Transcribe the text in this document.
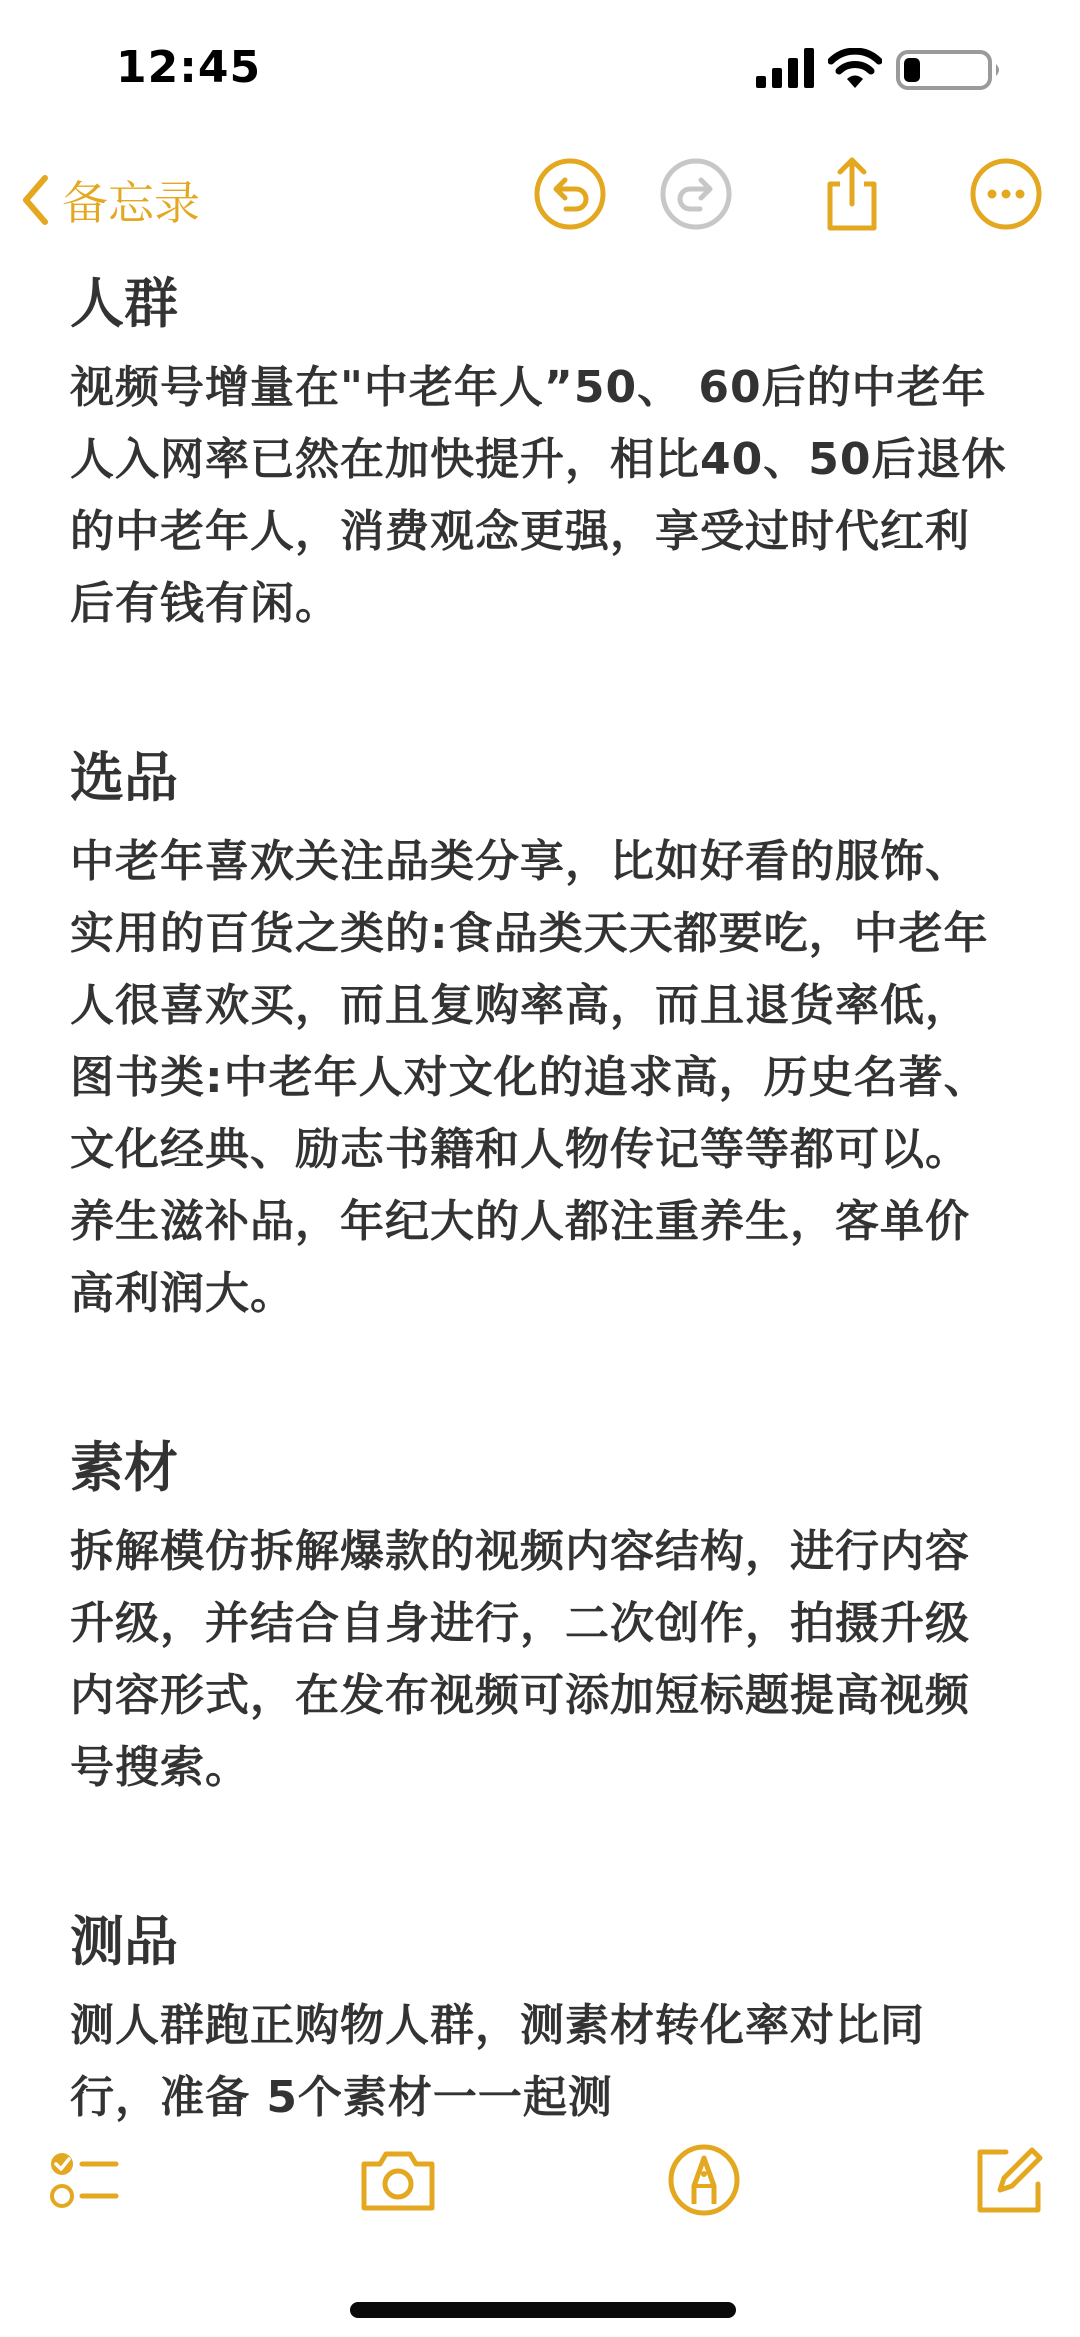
12:45
备忘录
人群

视频号增量在"中老年人”50、 60后的中老年人入网率已然在加快提升，相比40、50后退休的中老年人，消费观念更强，享受过时代红利后有钱有闲。

选品

中老年喜欢关注品类分享，比如好看的服饰、实用的百货之类的:食品类天天都要吃，中老年人很喜欢买，而且复购率高，而且退货率低，图书类:中老年人对文化的追求高，历史名著、文化经典、励志书籍和人物传记等等都可以。养生滋补品，年纪大的人都注重养生，客单价高利润大。

素材

拆解模仿拆解爆款的视频内容结构，进行内容升级，并结合自身进行，二次创作，拍摄升级内容形式，在发布视频可添加短标题提高视频号搜索。

测品

测人群跑正购物人群，测素材转化率对比同行，准备 5个素材一一起测
